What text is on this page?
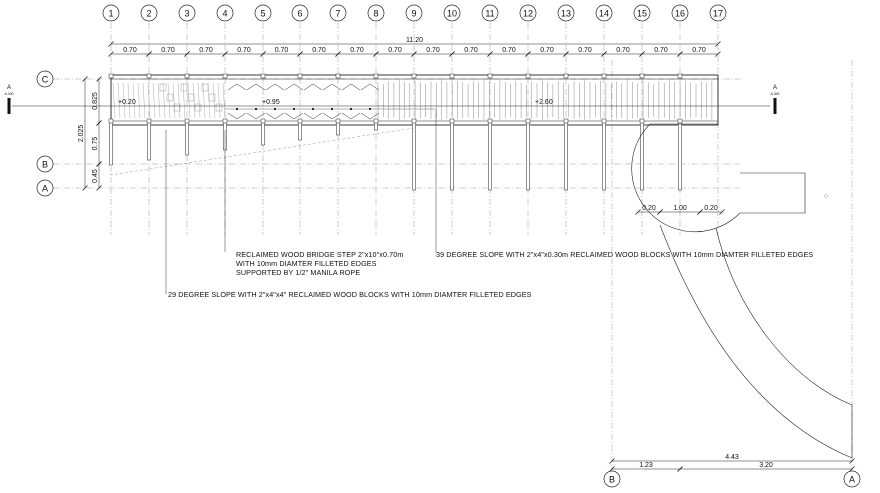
1	2	3	4	5	6	7	8	9	10	11	12	13	14	15	16	17
C
B
A
B	A
11.20
0.70	0.70	0.70	0.70	0.70	0.70	0.70	0.70	0.70	0.70	0.70	0.70	0.70	0.70	0.70	0.70
0.825
2.025
0.75
0.45
0.20 1.00 0.20
4.43
1.23	3.20
A
A-300
A
A-300
+0.20	+0.95	+2.60
RECLAIMED WOOD BRIDGE STEP 2"x10"x0.70m
WITH 10mm DIAMTER FILLETED EDGES
SUPPORTED BY 1/2" MANILA ROPE
39 DEGREE SLOPE WITH 2"x4"x0.30m RECLAIMED WOOD BLOCKS WITH 10mm DIAMTER FILLETED EDGES
29 DEGREE SLOPE WITH 2"x4"x4" RECLAIMED WOOD BLOCKS WITH 10mm DIAMTER FILLETED EDGES
